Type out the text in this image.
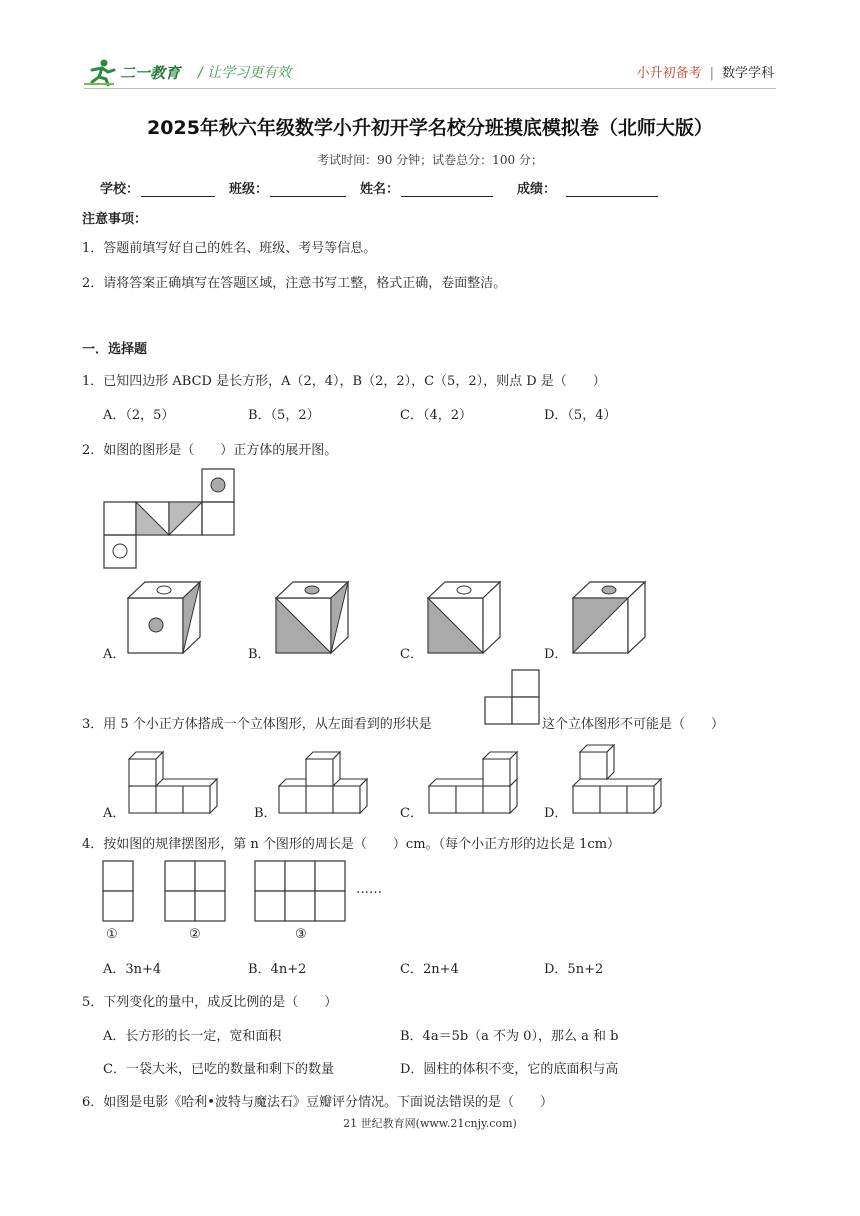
二一教育 / 让学习更有效	小升初备考 | 数学学科
2025年秋六年级数学小升初开学名校分班摸底模拟卷（北师大版）
考试时间：90 分钟；试卷总分：100 分；
学校：	班级：	姓名：	成绩：
注意事项：
1．答题前填写好自己的姓名、班级、考号等信息。
2．请将答案正确填写在答题区域，注意书写工整，格式正确，卷面整洁。
一．选择题
1．已知四边形 ABCD 是长方形，A（2，4），B（2，2），C（5，2），则点 D 是（　　）
A．（2，5）	B．（5，2）	C．（4，2）	D．（5，4）
2．如图的图形是（　　）正方体的展开图。
A．	B．	C．	D．
3．用 5 个小正方体搭成一个立体图形，从左面看到的形状是	这个立体图形不可能是（　　）
A．	B．	C．	D．
4．按如图的规律摆图形，第 n 个图形的周长是（　　）cm。（每个小正方形的边长是 1cm）
……
①	②	③
A．3n+4	B．4n+2	C．2n+4	D．5n+2
5．下列变化的量中，成反比例的是（　　）
A．长方形的长一定，宽和面积	B．4a＝5b（a 不为 0），那么 a 和 b
C．一袋大米，已吃的数量和剩下的数量	D．圆柱的体积不变，它的底面积与高
6．如图是电影《哈利•波特与魔法石》豆瓣评分情况。下面说法错误的是（　　）
21 世纪教育网(www.21cnjy.com)
